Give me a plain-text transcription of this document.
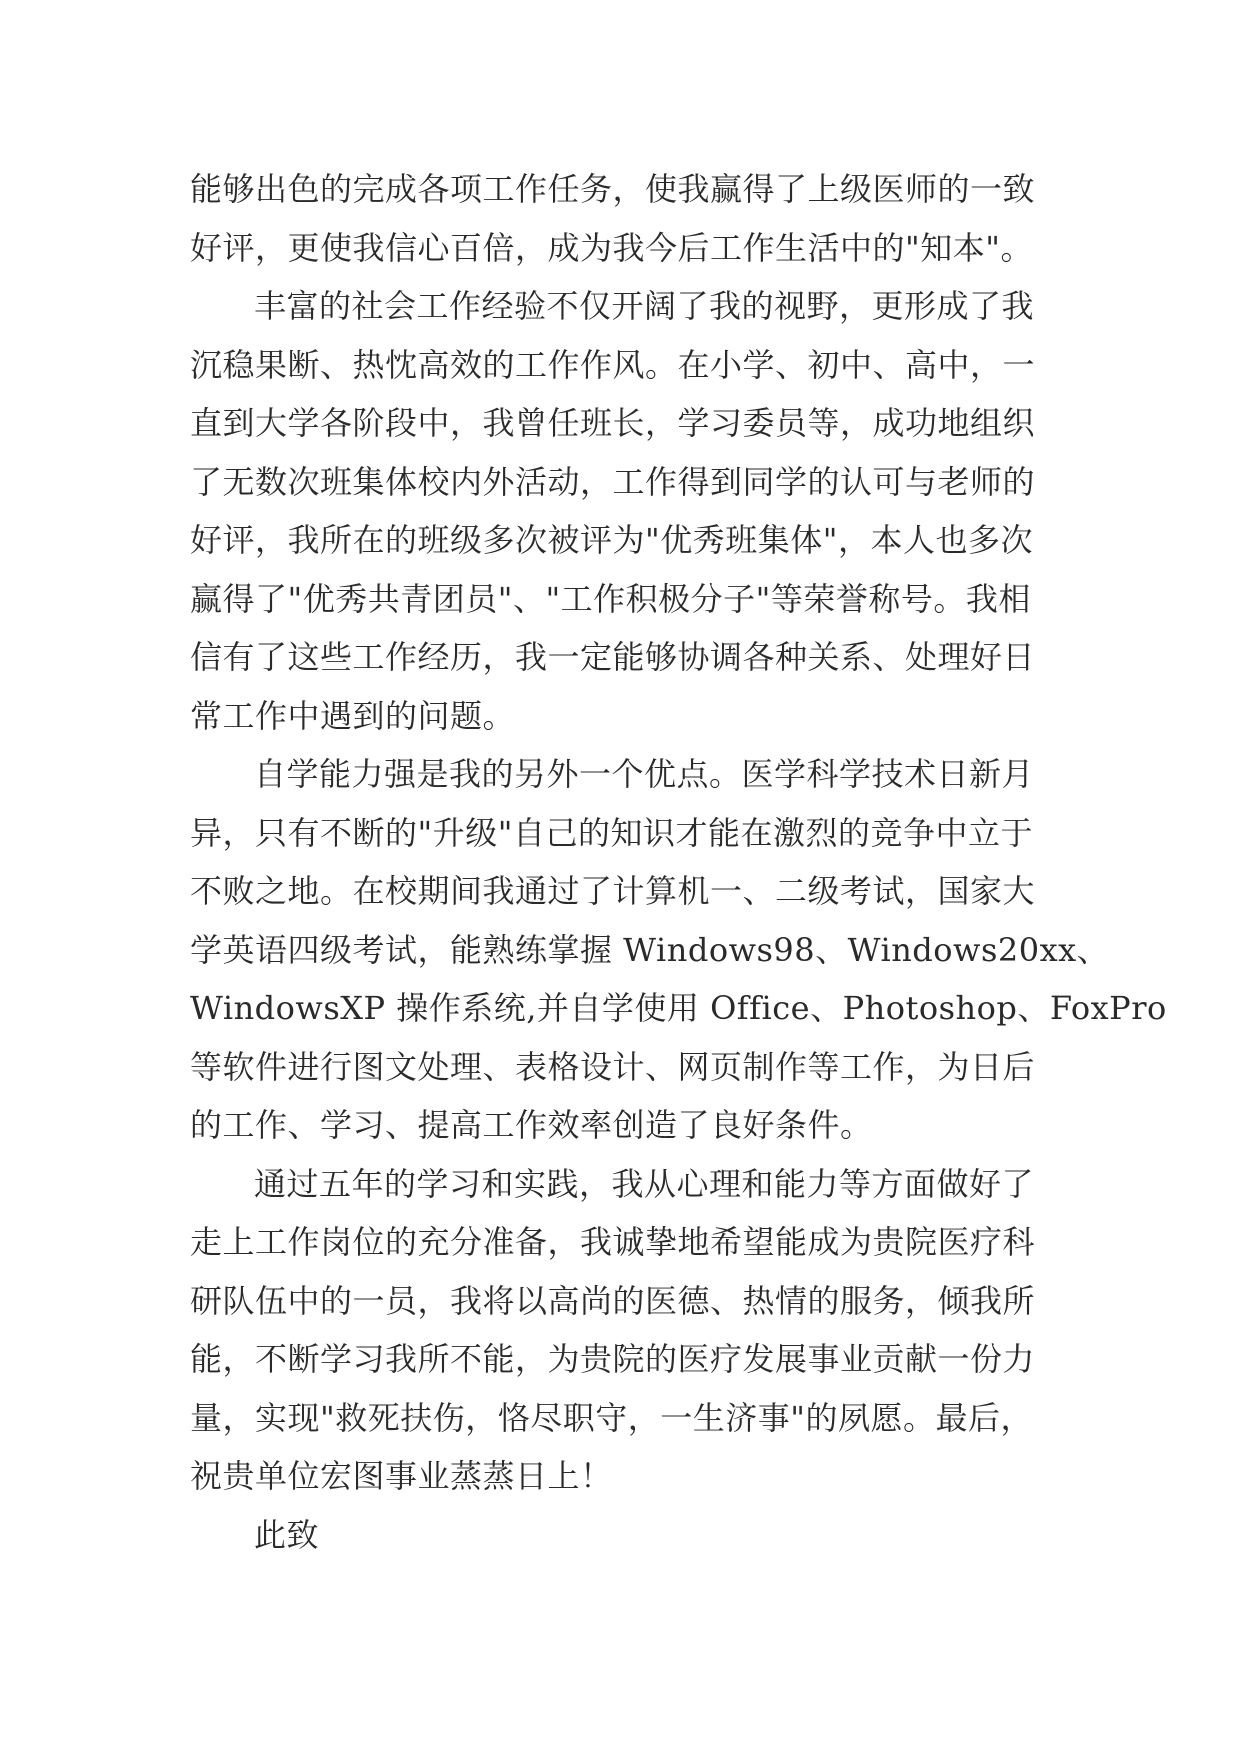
能够出色的完成各项工作任务，使我赢得了上级医师的一致
好评，更使我信心百倍，成为我今后工作生活中的"知本"。
丰富的社会工作经验不仅开阔了我的视野，更形成了我
沉稳果断、热忱高效的工作作风。在小学、初中、高中，一
直到大学各阶段中，我曾任班长，学习委员等，成功地组织
了无数次班集体校内外活动，工作得到同学的认可与老师的
好评，我所在的班级多次被评为"优秀班集体"，本人也多次
赢得了"优秀共青团员"、"工作积极分子"等荣誉称号。我相
信有了这些工作经历，我一定能够协调各种关系、处理好日
常工作中遇到的问题。
自学能力强是我的另外一个优点。医学科学技术日新月
异，只有不断的"升级"自己的知识才能在激烈的竞争中立于
不败之地。在校期间我通过了计算机一、二级考试，国家大
学英语四级考试，能熟练掌握 Windows98、Windows20xx、
WindowsXP 操作系统,并自学使用 Office、Photoshop、FoxPro
等软件进行图文处理、表格设计、网页制作等工作，为日后
的工作、学习、提高工作效率创造了良好条件。
通过五年的学习和实践，我从心理和能力等方面做好了
走上工作岗位的充分准备，我诚挚地希望能成为贵院医疗科
研队伍中的一员，我将以高尚的医德、热情的服务，倾我所
能，不断学习我所不能，为贵院的医疗发展事业贡献一份力
量，实现"救死扶伤，恪尽职守，一生济事"的夙愿。最后，
祝贵单位宏图事业蒸蒸日上！
此致
